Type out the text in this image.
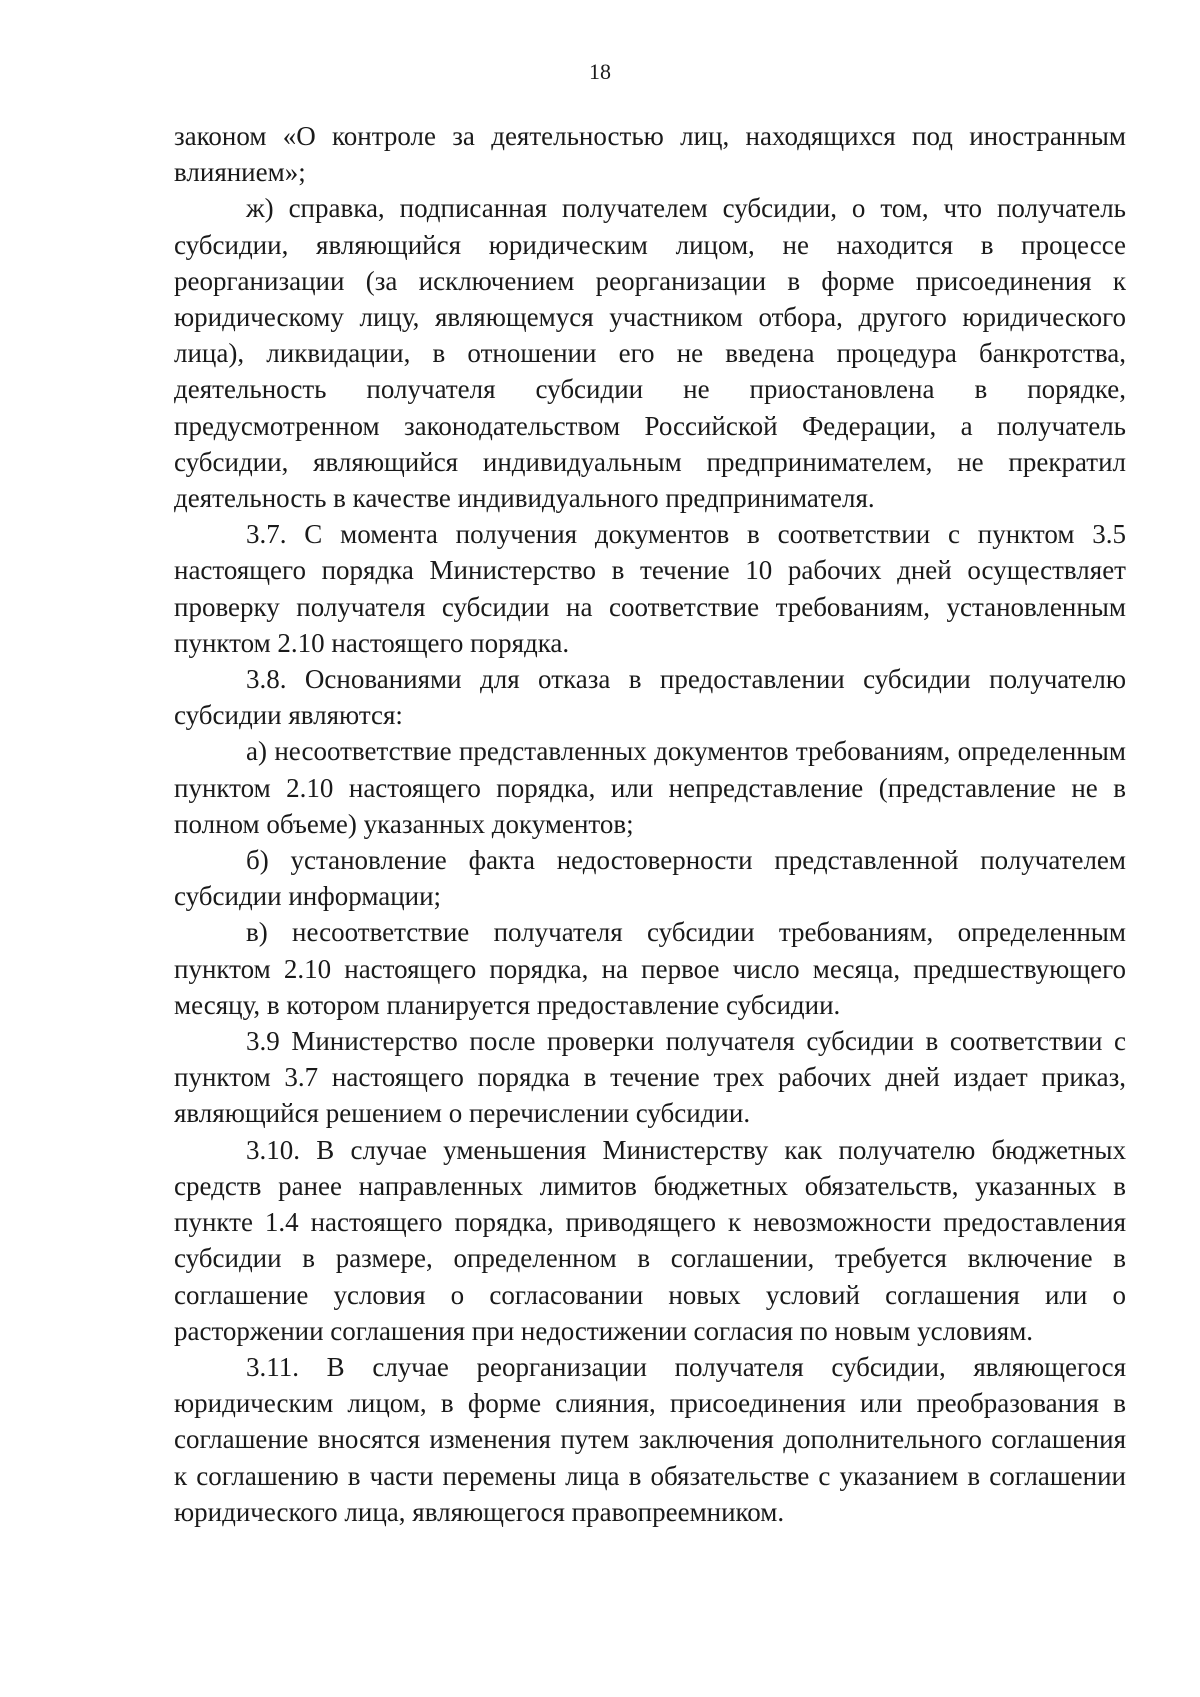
18

законом «О контроле за деятельностью лиц, находящихся под иностранным влиянием»;

ж) справка, подписанная получателем субсидии, о том, что получатель субсидии, являющийся юридическим лицом, не находится в процессе реорганизации (за исключением реорганизации в форме присоединения к юридическому лицу, являющемуся участником отбора, другого юридического лица), ликвидации, в отношении его не введена процедура банкротства, деятельность получателя субсидии не приостановлена в порядке, предусмотренном законодательством Российской Федерации, а получатель субсидии, являющийся индивидуальным предпринимателем, не прекратил деятельность в качестве индивидуального предпринимателя.

3.7. С момента получения документов в соответствии с пунктом 3.5 настоящего порядка Министерство в течение 10 рабочих дней осуществляет проверку получателя субсидии на соответствие требованиям, установленным пунктом 2.10 настоящего порядка.

3.8. Основаниями для отказа в предоставлении субсидии получателю субсидии являются:

а) несоответствие представленных документов требованиям, определенным пунктом 2.10 настоящего порядка, или непредставление (представление не в полном объеме) указанных документов;

б) установление факта недостоверности представленной получателем субсидии информации;

в) несоответствие получателя субсидии требованиям, определенным пунктом 2.10 настоящего порядка, на первое число месяца, предшествующего месяцу, в котором планируется предоставление субсидии.

3.9 Министерство после проверки получателя субсидии в соответствии с пунктом 3.7 настоящего порядка в течение трех рабочих дней издает приказ, являющийся решением о перечислении субсидии.

3.10. В случае уменьшения Министерству как получателю бюджетных средств ранее направленных лимитов бюджетных обязательств, указанных в пункте 1.4 настоящего порядка, приводящего к невозможности предоставления субсидии в размере, определенном в соглашении, требуется включение в соглашение условия о согласовании новых условий соглашения или о расторжении соглашения при недостижении согласия по новым условиям.

3.11. В случае реорганизации получателя субсидии, являющегося юридическим лицом, в форме слияния, присоединения или преобразования в соглашение вносятся изменения путем заключения дополнительного соглашения к соглашению в части перемены лица в обязательстве с указанием в соглашении юридического лица, являющегося правопреемником.
